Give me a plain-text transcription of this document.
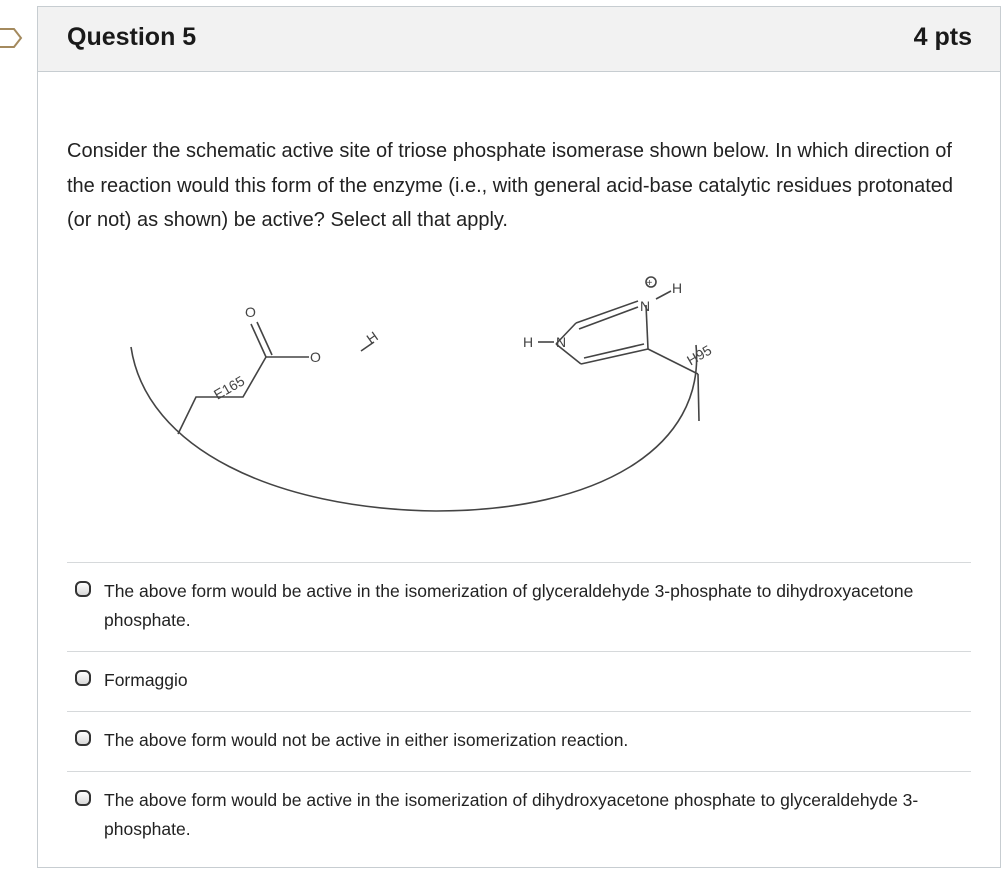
Question 5	4 pts
Consider the schematic active site of triose phosphate isomerase shown below. In which direction of the reaction would this form of the enzyme (i.e., with general acid-base catalytic residues protonated (or not) as shown) be active? Select all that apply.
O
O
H
E165
H N
N
H
+
H95
The above form would be active in the isomerization of glyceraldehyde 3-phosphate to dihydroxyacetone phosphate.
Formaggio
The above form would not be active in either isomerization reaction.
The above form would be active in the isomerization of dihydroxyacetone phosphate to glyceraldehyde 3-phosphate.
